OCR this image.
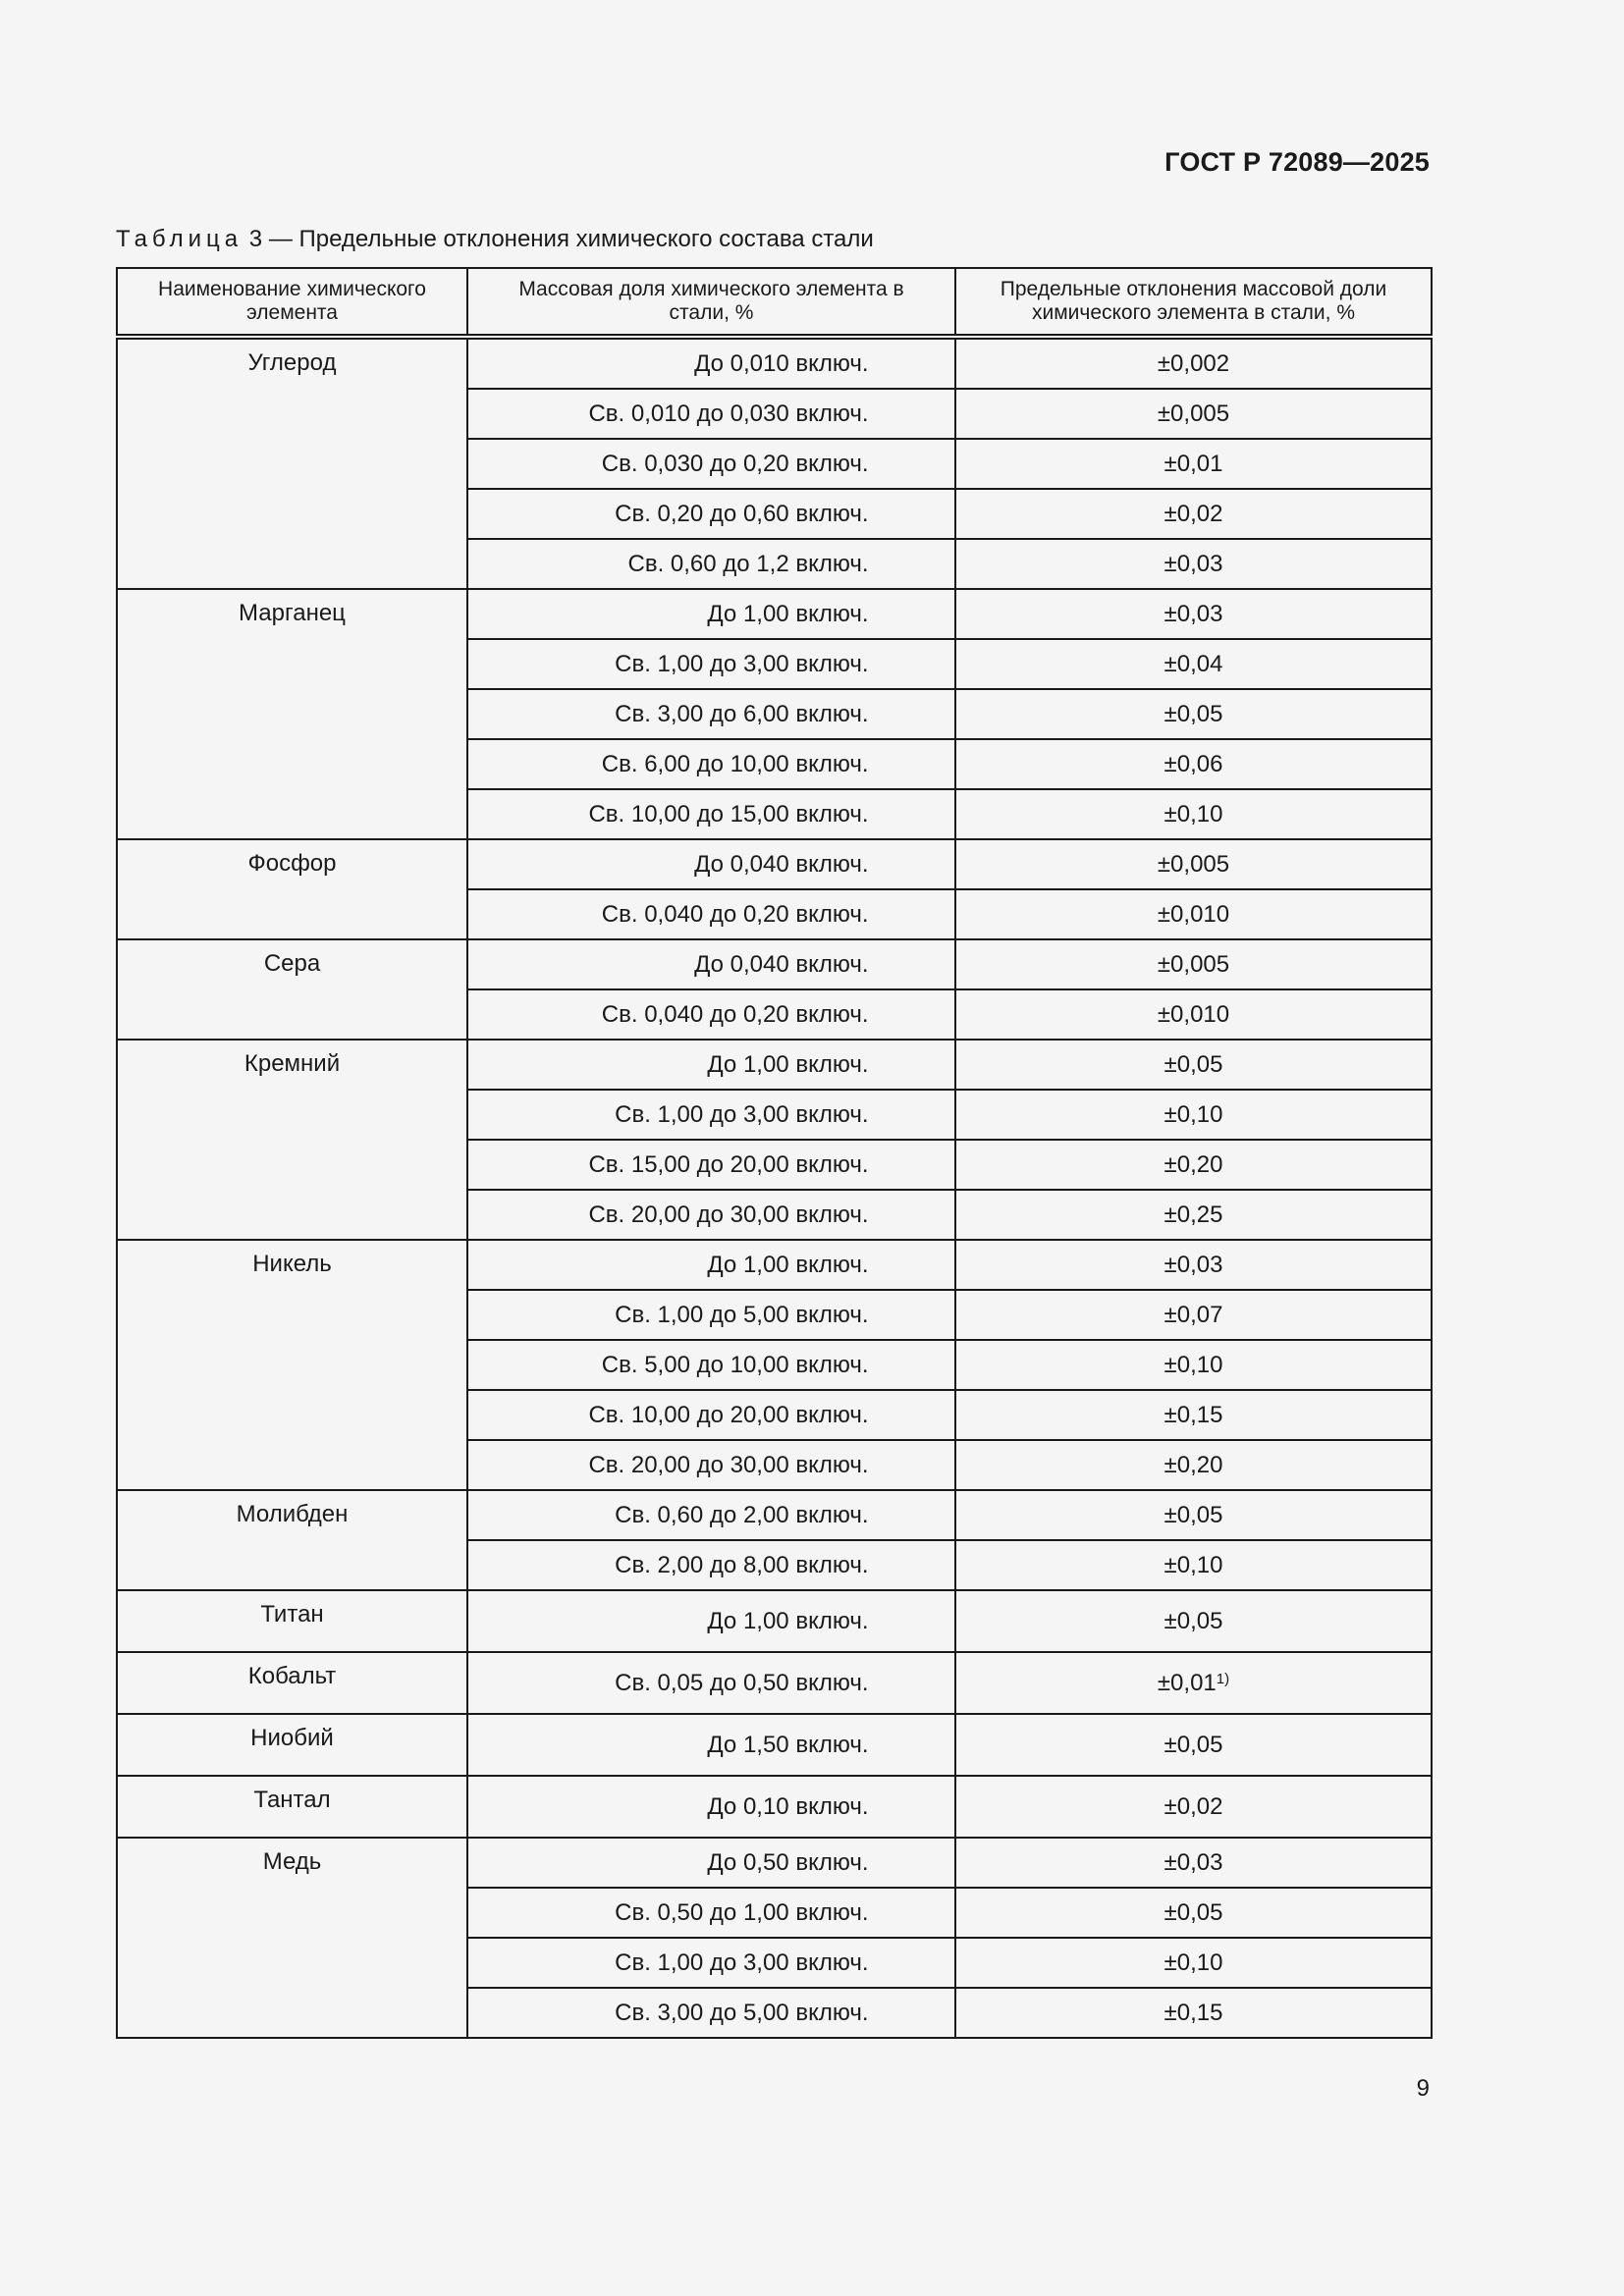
ГОСТ Р 72089—2025
Таблица 3 — Предельные отклонения химического состава стали
Наименование химического элемента	Массовая доля химического элемента в стали, %	Предельные отклонения массовой доли химического элемента в стали, %
Углерод	До 0,010 включ.	±0,002
	Св. 0,010 до 0,030 включ.	±0,005
	Св. 0,030 до 0,20 включ.	±0,01
	Св. 0,20 до 0,60 включ.	±0,02
	Св. 0,60 до 1,2 включ.	±0,03
Марганец	До 1,00 включ.	±0,03
	Св. 1,00 до 3,00 включ.	±0,04
	Св. 3,00 до 6,00 включ.	±0,05
	Св. 6,00 до 10,00 включ.	±0,06
	Св. 10,00 до 15,00 включ.	±0,10
Фосфор	До 0,040 включ.	±0,005
	Св. 0,040 до 0,20 включ.	±0,010
Сера	До 0,040 включ.	±0,005
	Св. 0,040 до 0,20 включ.	±0,010
Кремний	До 1,00 включ.	±0,05
	Св. 1,00 до 3,00 включ.	±0,10
	Св. 15,00 до 20,00 включ.	±0,20
	Св. 20,00 до 30,00 включ.	±0,25
Никель	До 1,00 включ.	±0,03
	Св. 1,00 до 5,00 включ.	±0,07
	Св. 5,00 до 10,00 включ.	±0,10
	Св. 10,00 до 20,00 включ.	±0,15
	Св. 20,00 до 30,00 включ.	±0,20
Молибден	Св. 0,60 до 2,00 включ.	±0,05
	Св. 2,00 до 8,00 включ.	±0,10
Титан	До 1,00 включ.	±0,05
Кобальт	Св. 0,05 до 0,50 включ.	±0,01$^{1)}$
Ниобий	До 1,50 включ.	±0,05
Тантал	До 0,10 включ.	±0,02
Медь	До 0,50 включ.	±0,03
	Св. 0,50 до 1,00 включ.	±0,05
	Св. 1,00 до 3,00 включ.	±0,10
	Св. 3,00 до 5,00 включ.	±0,15
9
